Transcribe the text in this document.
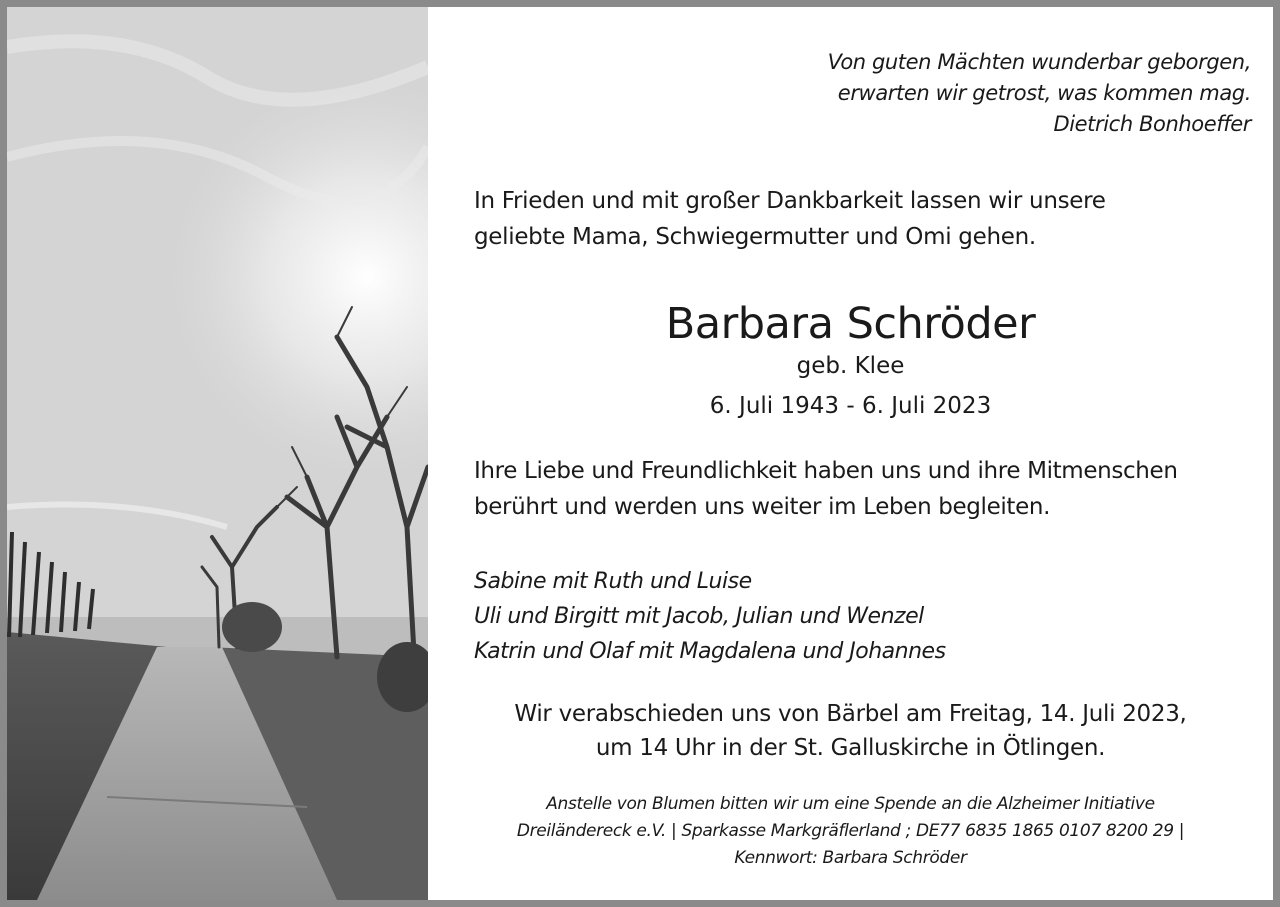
Von guten Mächten wunderbar geborgen,
erwarten wir getrost, was kommen mag.
Dietrich Bonhoeffer
In Frieden und mit großer Dankbarkeit lassen wir unsere
geliebte Mama, Schwiegermutter und Omi gehen.
Barbara Schröder
geb. Klee
6. Juli 1943 - 6. Juli 2023
Ihre Liebe und Freundlichkeit haben uns und ihre Mitmenschen
berührt und werden uns weiter im Leben begleiten.
Sabine mit Ruth und Luise
Uli und Birgitt mit Jacob, Julian und Wenzel
Katrin und Olaf mit Magdalena und Johannes
Wir verabschieden uns von Bärbel am Freitag, 14. Juli 2023,
um 14 Uhr in der St. Galluskirche in Ötlingen.
Anstelle von Blumen bitten wir um eine Spende an die Alzheimer Initiative
Dreiländereck e.V. | Sparkasse Markgräflerland ; DE77 6835 1865 0107 8200 29 |
Kennwort: Barbara Schröder
